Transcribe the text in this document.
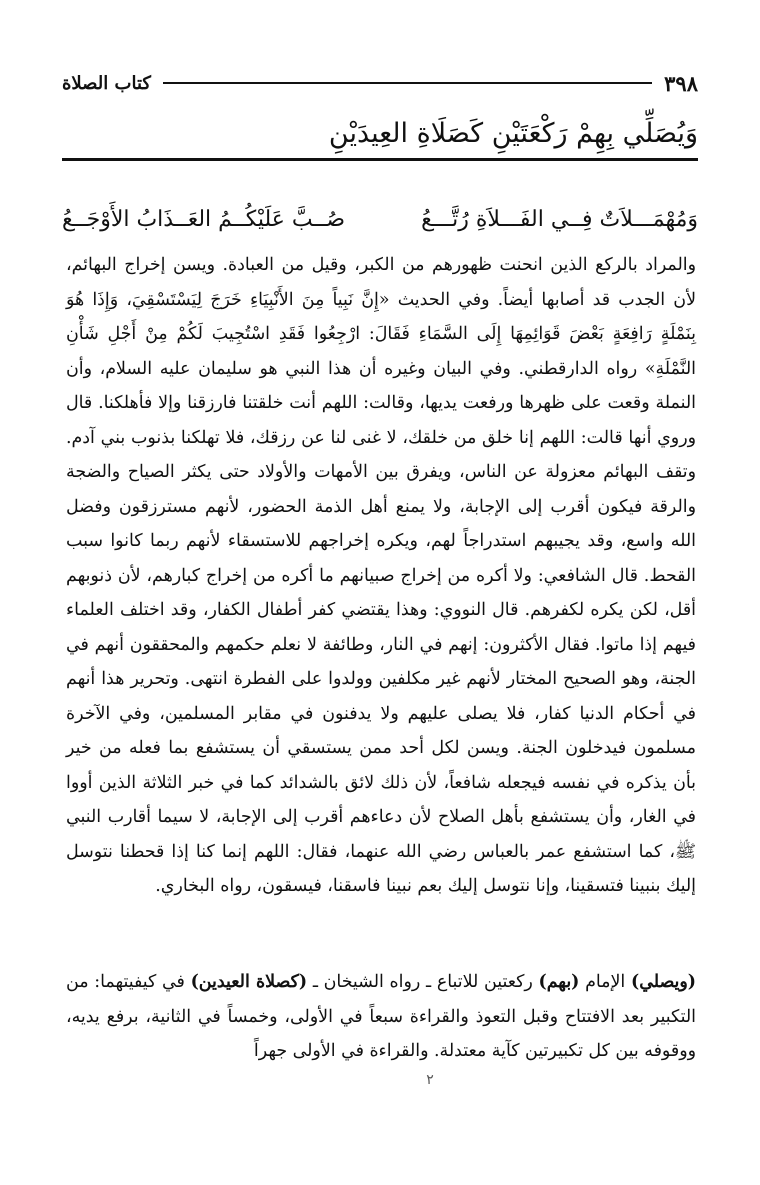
٣٩٨
كتاب الصلاة
وَيُصَلِّي بِهِمْ رَكْعَتَيْنِ كَصَلَاةِ العِيدَيْنِ
وَمُهْمَـــلاَتٌ فِــي الفَـــلاَةِ رُتَّـــعُ
صُــبَّ عَلَيْكُــمُ العَــذَابُ الأَوْجَــعُ
والمراد بالركع الذين انحنت ظهورهم من الكبر، وقيل من العبادة. ويسن إخراج البهائم، لأن الجدب قد أصابها أيضاً. وفي الحديث «إِنَّ نَبِياً مِنَ الأَنْبِيَاءِ خَرَجَ لِيَسْتَسْقِيَ، وَإِذَا هُوَ بِنَمْلَةٍ رَافِعَةٍ بَعْضَ قَوَائِمِهَا إِلَى السَّمَاءِ فَقَالَ: ارْجِعُوا فَقَدِ اسْتُجِيبَ لَكُمْ مِنْ أَجْلِ شَأْنِ النَّمْلَةِ» رواه الدارقطني. وفي البيان وغيره أن هذا النبي هو سليمان عليه السلام، وأن النملة وقعت على ظهرها ورفعت يديها، وقالت: اللهم أنت خلقتنا فارزقنا وإلا فأهلكنا. قال وروي أنها قالت: اللهم إنا خلق من خلقك، لا غنى لنا عن رزقك، فلا تهلكنا بذنوب بني آدم. وتقف البهائم معزولة عن الناس، ويفرق بين الأمهات والأولاد حتى يكثر الصياح والضجة والرقة فيكون أقرب إلى الإجابة، ولا يمنع أهل الذمة الحضور، لأنهم مسترزقون وفضل الله واسع، وقد يجيبهم استدراجاً لهم، ويكره إخراجهم للاستسقاء لأنهم ربما كانوا سبب القحط. قال الشافعي: ولا أكره من إخراج صبيانهم ما أكره من إخراج كبارهم، لأن ذنوبهم أقل، لكن يكره لكفرهم. قال النووي: وهذا يقتضي كفر أطفال الكفار، وقد اختلف العلماء فيهم إذا ماتوا. فقال الأكثرون: إنهم في النار، وطائفة لا نعلم حكمهم والمحققون أنهم في الجنة، وهو الصحيح المختار لأنهم غير مكلفين وولدوا على الفطرة انتهى. وتحرير هذا أنهم في أحكام الدنيا كفار، فلا يصلى عليهم ولا يدفنون في مقابر المسلمين، وفي الآخرة مسلمون فيدخلون الجنة. ويسن لكل أحد ممن يستسقي أن يستشفع بما فعله من خير بأن يذكره في نفسه فيجعله شافعاً، لأن ذلك لائق بالشدائد كما في خبر الثلاثة الذين أووا في الغار، وأن يستشفع بأهل الصلاح لأن دعاءهم أقرب إلى الإجابة، لا سيما أقارب النبي ﷺ، كما استشفع عمر بالعباس رضي الله عنهما، فقال: اللهم إنما كنا إذا قحطنا نتوسل إليك بنبينا فتسقينا، وإنا نتوسل إليك بعم نبينا فاسقنا، فيسقون، رواه البخاري.
(ويصلي) الإمام (بهم) ركعتين للاتباع ـ رواه الشيخان ـ (كصلاة العيدين) في كيفيتهما: من التكبير بعد الافتتاح وقبل التعوذ والقراءة سبعاً في الأولى، وخمساً في الثانية، برفع يديه، ووقوفه بين كل تكبيرتين كآية معتدلة. والقراءة في الأولى جهراً
٢
